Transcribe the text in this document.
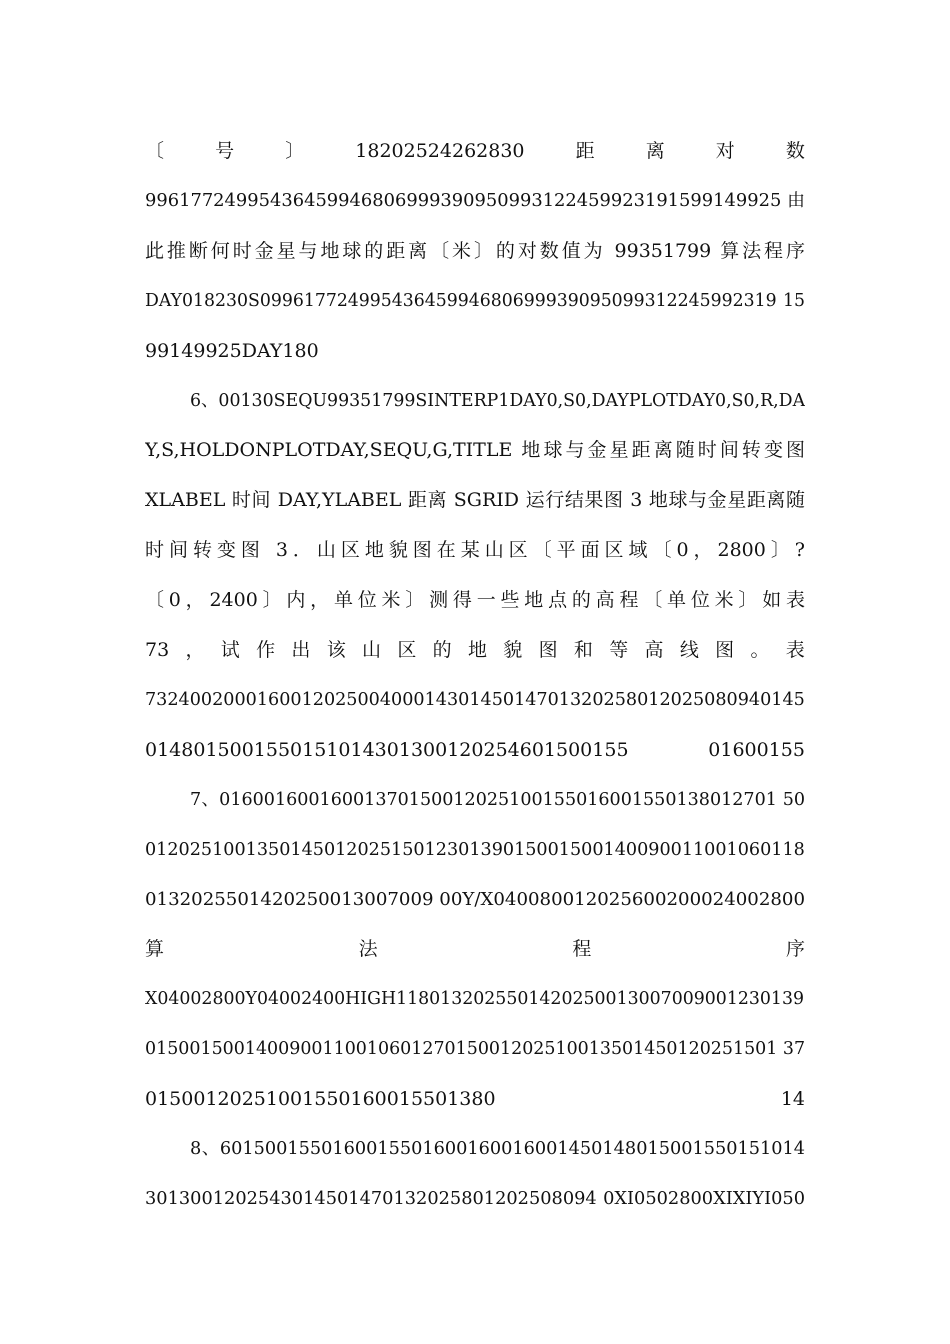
〔	号	〕	18202524262830	距	离	对	数
99617724995436459946806999390950993122459923191599149925 由
此推断何时金星与地球的距离〔米〕的对数值为 99351799 算法程序
DAY018230S09961772499543645994680699939095099312245992319 15
99149925DAY180
6、00130SEQU99351799SINTERP1DAY0,S0,DAYPLOTDAY0,S0,R,DA
Y,S,HOLDONPLOTDAY,SEQU,G,TITLE 地球与金星距离随时间转变图
XLABEL 时间 DAY,YLABEL 距离 SGRID 运行结果图 3 地球与金星距离随
时间转变图 3．山区地貌图在某山区〔平面区域〔0，2800〕?
〔0，2400〕内，单位米〕测得一些地点的高程〔单位米〕如表
73 ， 试 作 出 该 山 区 的 地 貌 图 和 等 高 线 图 。 表
73240020001600120250040001430145014701320258012025080940145
0148015001550151014301300120254601500155 01600155
7、01600160016001370150012025100155016001550138012701 50
01202510013501450120251501230139015001500140090011001060118
0132025501420250013007009 00Y/X040080012025600200024002800
算	法	程	序
X04002800Y04002400HIGH1180132025501420250013007009001230139
015001500140090011001060127015001202510013501450120251501 37
01500120251001550160015501380 14
8、6015001550160015501600160016001450148015001550151014
3013001202543014501470132025801202508094 0XI0502800XIXIYI050
